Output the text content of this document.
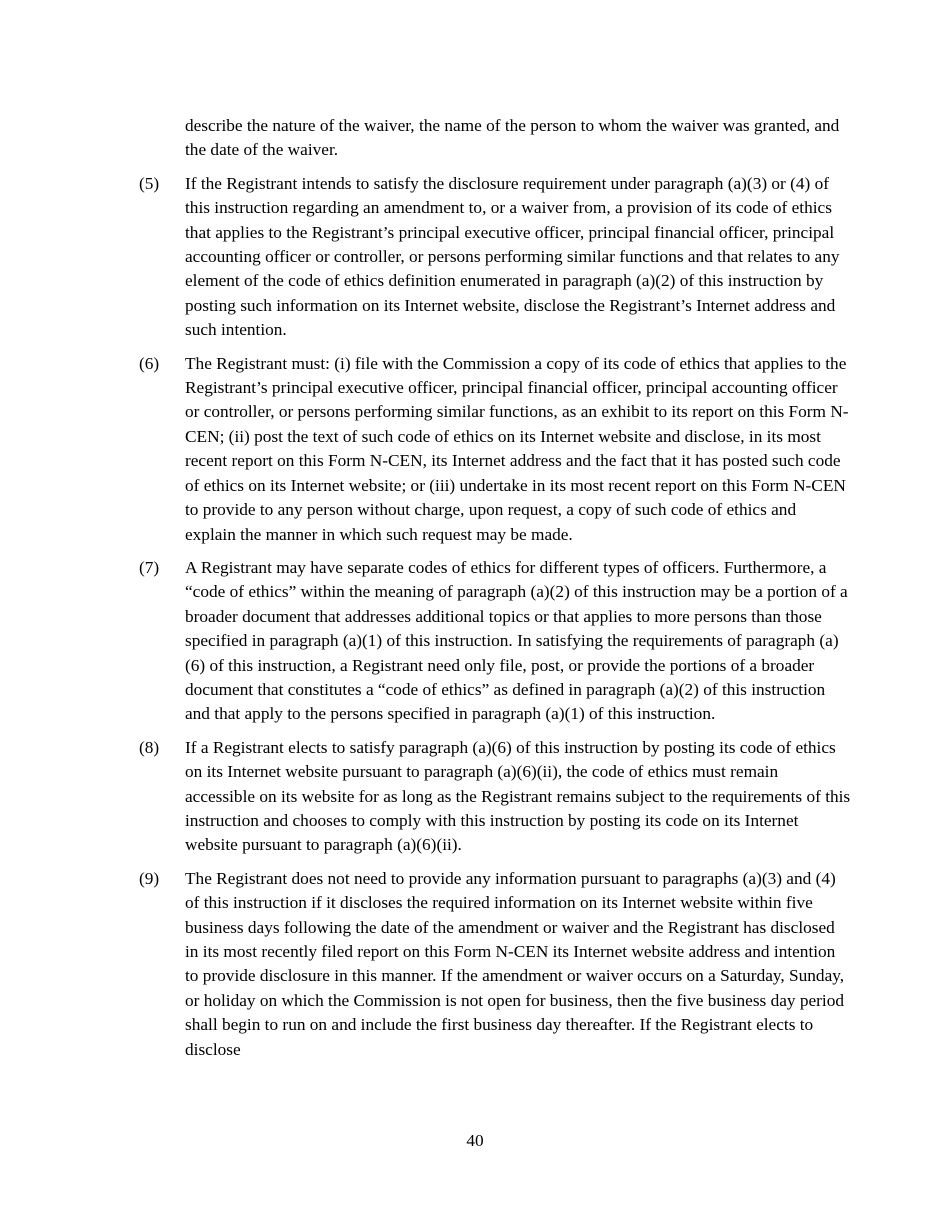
describe the nature of the waiver, the name of the person to whom the waiver was granted, and the date of the waiver.

(5)	If the Registrant intends to satisfy the disclosure requirement under paragraph (a)(3) or (4) of this instruction regarding an amendment to, or a waiver from, a provision of its code of ethics that applies to the Registrant’s principal executive officer, principal financial officer, principal accounting officer or controller, or persons performing similar functions and that relates to any element of the code of ethics definition enumerated in paragraph (a)(2) of this instruction by posting such information on its Internet website, disclose the Registrant’s Internet address and such intention.
(6)	The Registrant must: (i) file with the Commission a copy of its code of ethics that applies to the Registrant’s principal executive officer, principal financial officer, principal accounting officer or controller, or persons performing similar functions, as an exhibit to its report on this Form N-CEN; (ii) post the text of such code of ethics on its Internet website and disclose, in its most recent report on this Form N-CEN, its Internet address and the fact that it has posted such code of ethics on its Internet website; or (iii) undertake in its most recent report on this Form N-CEN to provide to any person without charge, upon request, a copy of such code of ethics and explain the manner in which such request may be made.
(7)	A Registrant may have separate codes of ethics for different types of officers. Furthermore, a “code of ethics” within the meaning of paragraph (a)(2) of this instruction may be a portion of a broader document that addresses additional topics or that applies to more persons than those specified in paragraph (a)(1) of this instruction. In satisfying the requirements of paragraph (a)(6) of this instruction, a Registrant need only file, post, or provide the portions of a broader document that constitutes a “code of ethics” as defined in paragraph (a)(2) of this instruction and that apply to the persons specified in paragraph (a)(1) of this instruction.
(8)	If a Registrant elects to satisfy paragraph (a)(6) of this instruction by posting its code of ethics on its Internet website pursuant to paragraph (a)(6)(ii), the code of ethics must remain accessible on its website for as long as the Registrant remains subject to the requirements of this instruction and chooses to comply with this instruction by posting its code on its Internet website pursuant to paragraph (a)(6)(ii).
(9)	The Registrant does not need to provide any information pursuant to paragraphs (a)(3) and (4) of this instruction if it discloses the required information on its Internet website within five business days following the date of the amendment or waiver and the Registrant has disclosed in its most recently filed report on this Form N-CEN its Internet website address and intention to provide disclosure in this manner. If the amendment or waiver occurs on a Saturday, Sunday, or holiday on which the Commission is not open for business, then the five business day period shall begin to run on and include the first business day thereafter. If the Registrant elects to disclose
40
